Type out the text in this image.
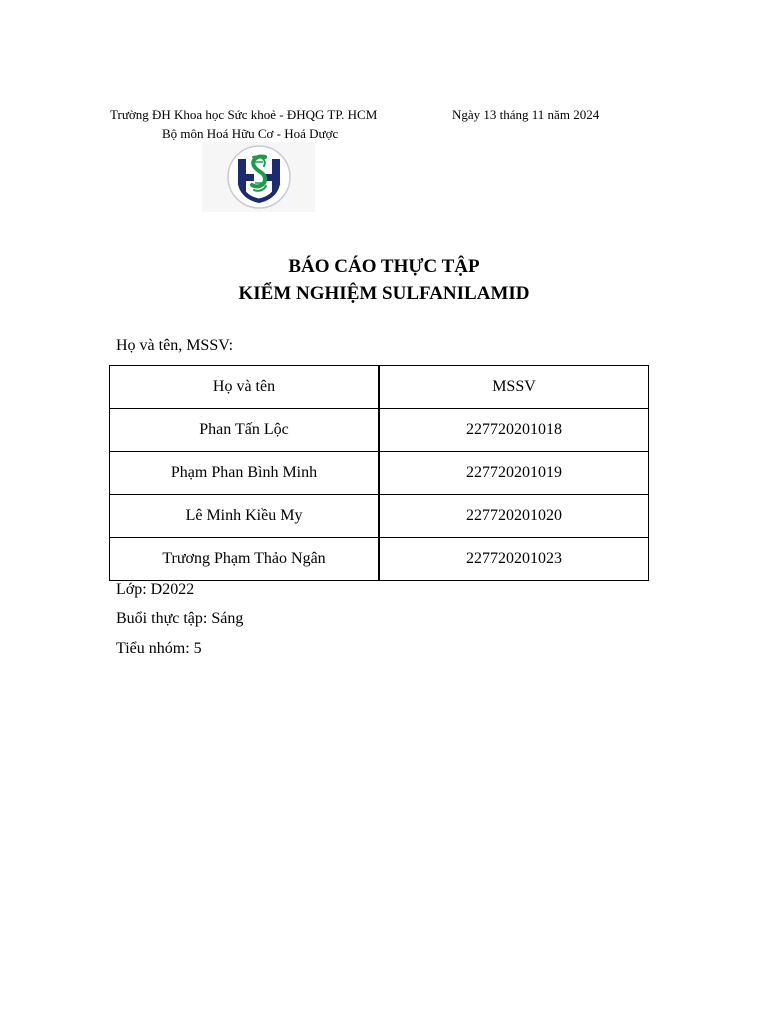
Trường ĐH Khoa học Sức khoẻ - ĐHQG TP. HCM
Bộ môn Hoá Hữu Cơ - Hoá Dược
Ngày 13 tháng 11 năm 2024
BÁO CÁO THỰC TẬP
KIỂM NGHIỆM SULFANILAMID
Họ và tên, MSSV:
Họ và tên	MSSV
Phan Tấn Lộc	227720201018
Phạm Phan Bình Minh	227720201019
Lê Minh Kiều My	227720201020
Trương Phạm Thảo Ngân	227720201023
Lớp: D2022
Buổi thực tập: Sáng
Tiểu nhóm: 5
